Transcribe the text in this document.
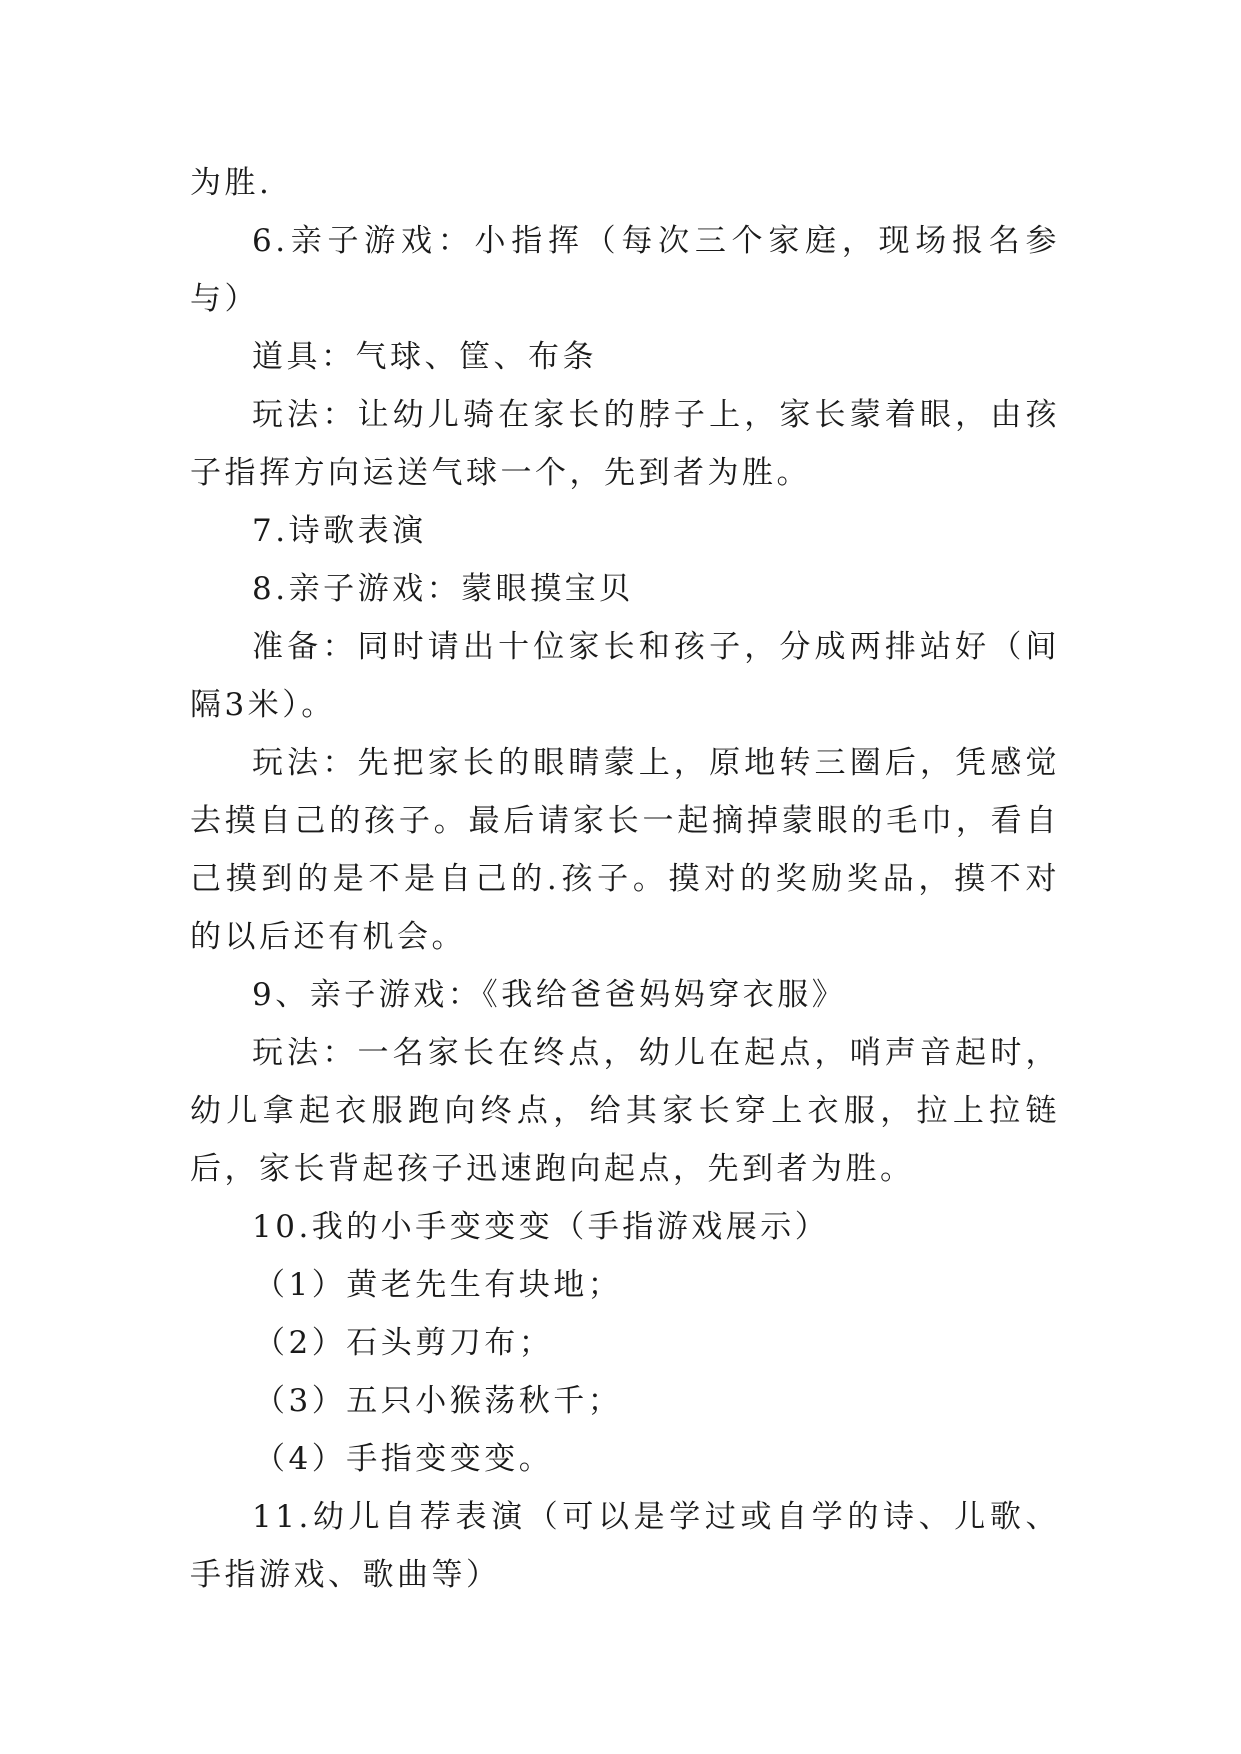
为胜.

6.亲子游戏：小指挥（每次三个家庭，现场报名参与）

道具：气球、筐、布条

玩法：让幼儿骑在家长的脖子上，家长蒙着眼，由孩子指挥方向运送气球一个，先到者为胜。

7.诗歌表演

8.亲子游戏：蒙眼摸宝贝

准备：同时请出十位家长和孩子，分成两排站好（间隔3米）。

玩法：先把家长的眼睛蒙上，原地转三圈后，凭感觉去摸自己的孩子。最后请家长一起摘掉蒙眼的毛巾，看自己摸到的是不是自己的.孩子。摸对的奖励奖品，摸不对的以后还有机会。

9、亲子游戏：《我给爸爸妈妈穿衣服》

玩法：一名家长在终点，幼儿在起点，哨声音起时，幼儿拿起衣服跑向终点，给其家长穿上衣服，拉上拉链后，家长背起孩子迅速跑向起点，先到者为胜。

10.我的小手变变变（手指游戏展示）

（1）黄老先生有块地；

（2）石头剪刀布；

（3）五只小猴荡秋千；

（4）手指变变变。

11.幼儿自荐表演（可以是学过或自学的诗、儿歌、手指游戏、歌曲等）
